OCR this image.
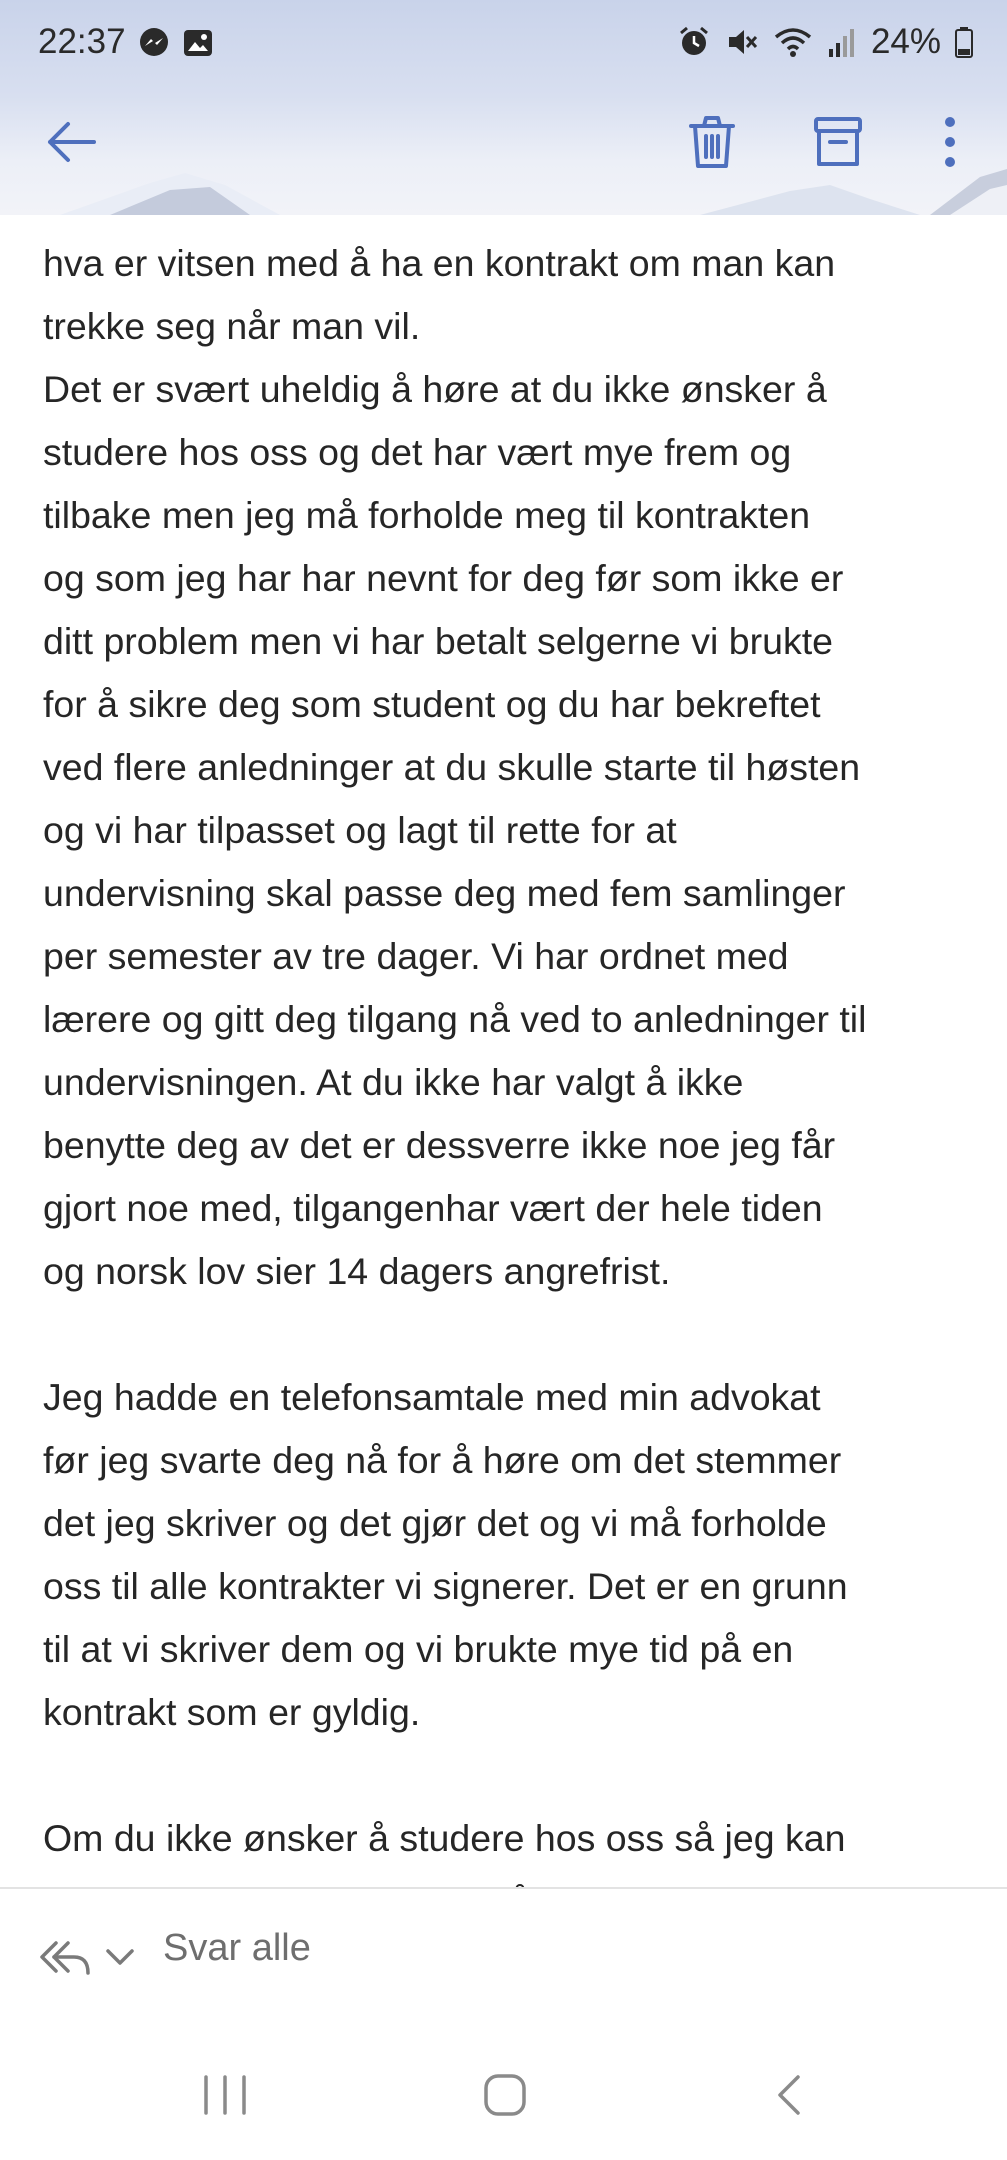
22:37	24%

hva er vitsen med å ha en kontrakt om man kan

trekke seg når man vil.

Det er svært uheldig å høre at du ikke ønsker å

studere hos oss og det har vært mye frem og

tilbake men jeg må forholde meg til kontrakten

og som jeg har har nevnt for deg før som ikke er

ditt problem men vi har betalt selgerne vi brukte

for å sikre deg som student og du har bekreftet

ved flere anledninger at du skulle starte til høsten

og vi har tilpasset og lagt til rette for at

undervisning skal passe deg med fem samlinger

per semester av tre dager. Vi har ordnet med

lærere og gitt deg tilgang nå ved to anledninger til

undervisningen. At du ikke har valgt å ikke

benytte deg av det er dessverre ikke noe jeg får

gjort noe med, tilgangenhar vært der hele tiden

og norsk lov sier 14 dagers angrefrist.

Jeg hadde en telefonsamtale med min advokat

før jeg svarte deg nå for å høre om det stemmer

det jeg skriver og det gjør det og vi må forholde

oss til alle kontrakter vi signerer. Det er en grunn

til at vi skriver dem og vi brukte mye tid på en

kontrakt som er gyldig.

Om du ikke ønsker å studere hos oss så jeg kan

Svar alle
